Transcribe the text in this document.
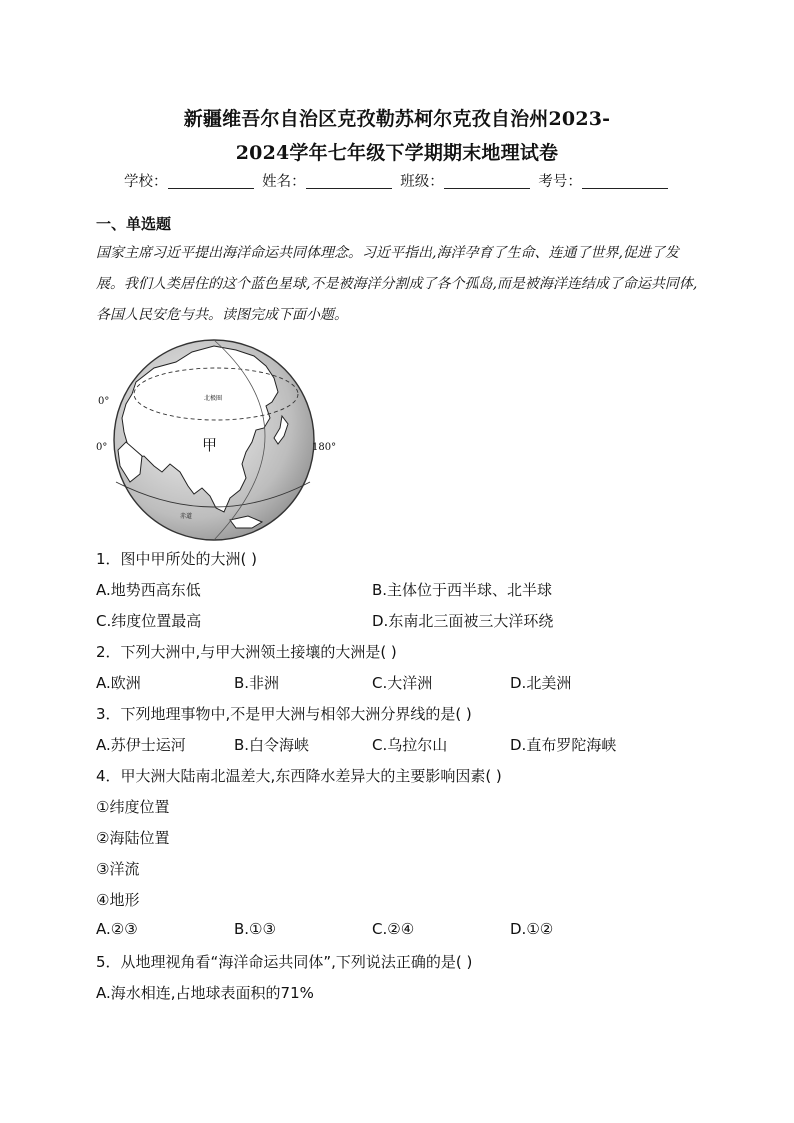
新疆维吾尔自治区克孜勒苏柯尔克孜自治州2023-
2024学年七年级下学期期末地理试卷
学校：	姓名：	班级：	考号：
一、单选题
国家主席习近平提出海洋命运共同体理念。习近平指出,海洋孕育了生命、连通了世界,促进了发展。我们人类居住的这个蓝色星球,不是被海洋分割成了各个孤岛,而是被海洋连结成了命运共同体,各国人民安危与共。读图完成下面小题。
甲
0°
0°	180°
北极圈
赤道
1．图中甲所处的大洲( )
A.地势西高东低	B.主体位于西半球、北半球
C.纬度位置最高	D.东南北三面被三大洋环绕
2．下列大洲中,与甲大洲领土接壤的大洲是( )
A.欧洲	B.非洲	C.大洋洲	D.北美洲
3．下列地理事物中,不是甲大洲与相邻大洲分界线的是( )
A.苏伊士运河	B.白令海峡	C.乌拉尔山	D.直布罗陀海峡
4．甲大洲大陆南北温差大,东西降水差异大的主要影响因素( )
①纬度位置
②海陆位置
③洋流
④地形
A.②③	B.①③	C.②④	D.①②
5．从地理视角看“海洋命运共同体”,下列说法正确的是( )
A.海水相连,占地球表面积的71%
